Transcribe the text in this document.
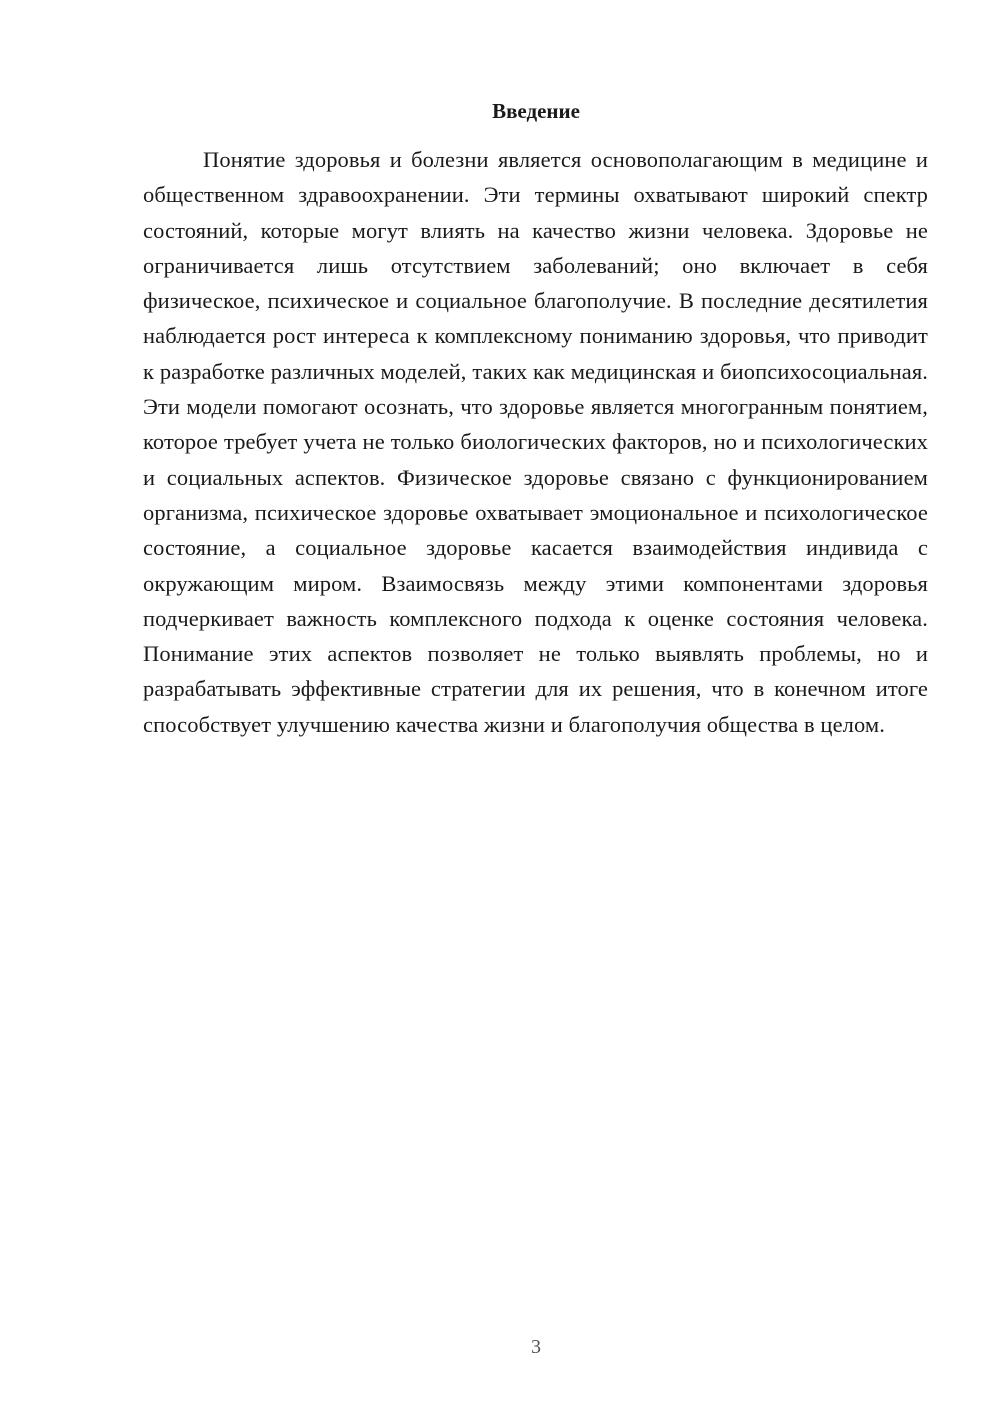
Введение

Понятие здоровья и болезни является основополагающим в медицине и общественном здравоохранении. Эти термины охватывают широкий спектр состояний, которые могут влиять на качество жизни человека. Здоровье не ограничивается лишь отсутствием заболеваний; оно включает в себя физическое, психическое и социальное благополучие. В последние десятилетия наблюдается рост интереса к комплексному пониманию здоровья, что приводит к разработке различных моделей, таких как медицинская и биопсихосоциальная. Эти модели помогают осознать, что здоровье является многогранным понятием, которое требует учета не только биологических факторов, но и психологических и социальных аспектов. Физическое здоровье связано с функционированием организма, психическое здоровье охватывает эмоциональное и психологическое состояние, а социальное здоровье касается взаимодействия индивида с окружающим миром. Взаимосвязь между этими компонентами здоровья подчеркивает важность комплексного подхода к оценке состояния человека. Понимание этих аспектов позволяет не только выявлять проблемы, но и разрабатывать эффективные стратегии для их решения, что в конечном итоге способствует улучшению качества жизни и благополучия общества в целом.

3
